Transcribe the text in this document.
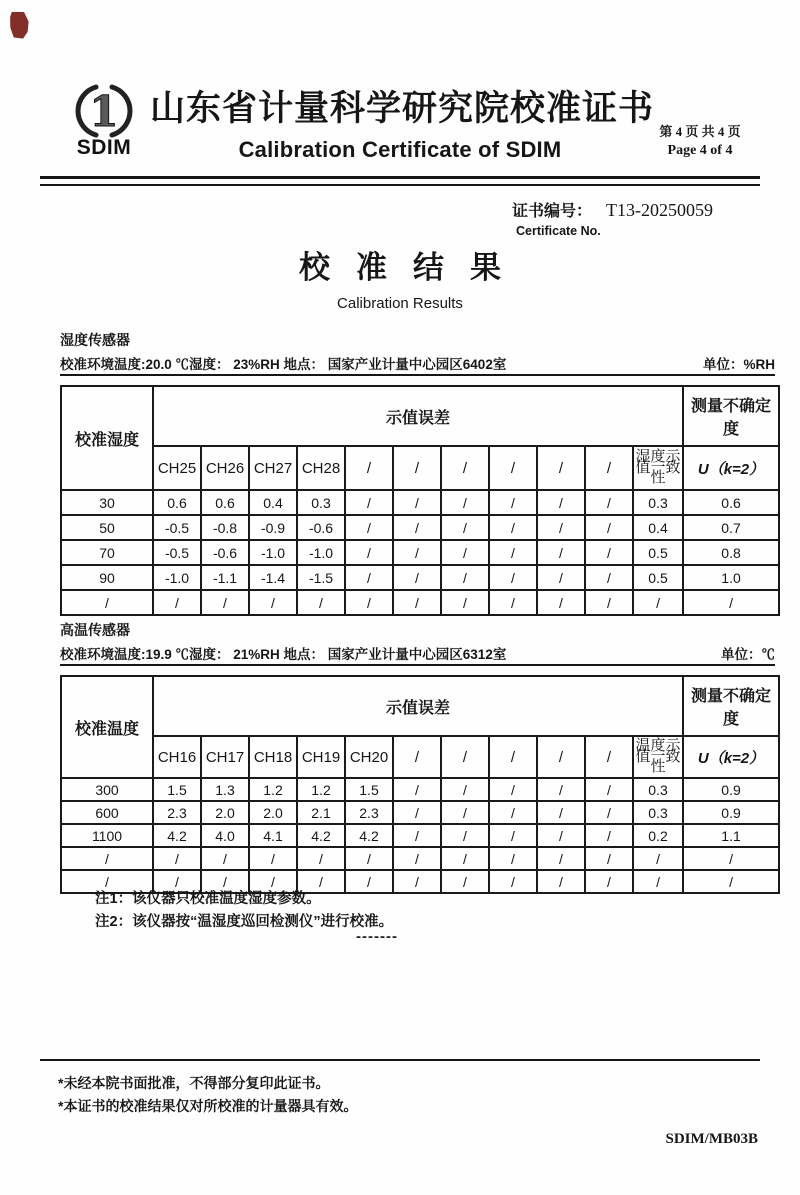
1
SDIM
山东省计量科学研究院校准证书
Calibration Certificate of SDIM
第 4 页 共 4 页
Page 4 of 4
证书编号： T13-20250059
Certificate No.
校准结果
Calibration Results
湿度传感器
校准环境温度:20.0 ℃湿度： 23%RH 地点： 国家产业计量中心园区6402室	单位：%RH
校准湿度	示值误差											测量不确定度
	CH25	CH26	CH27	CH28	/	/	/	/	/	/	湿度示值一致性	U（k=2）
30	0.6	0.6	0.4	0.3	/	/	/	/	/	/	0.3	0.6
50	-0.5	-0.8	-0.9	-0.6	/	/	/	/	/	/	0.4	0.7
70	-0.5	-0.6	-1.0	-1.0	/	/	/	/	/	/	0.5	0.8
90	-1.0	-1.1	-1.4	-1.5	/	/	/	/	/	/	0.5	1.0
/	/	/	/	/	/	/	/	/	/	/	/	/
高温传感器
校准环境温度:19.9 ℃湿度： 21%RH 地点： 国家产业计量中心园区6312室	单位：℃
校准温度	示值误差											测量不确定度
	CH16	CH17	CH18	CH19	CH20	/	/	/	/	/	温度示值一致性	U（k=2）
300	1.5	1.3	1.2	1.2	1.5	/	/	/	/	/	0.3	0.9
600	2.3	2.0	2.0	2.1	2.3	/	/	/	/	/	0.3	0.9
1100	4.2	4.0	4.1	4.2	4.2	/	/	/	/	/	0.2	1.1
/	/	/	/	/	/	/	/	/	/	/	/	/
/	/	/	/	/	/	/	/	/	/	/	/	/
注1：该仪器只校准温度湿度参数。
注2：该仪器按“温湿度巡回检测仪”进行校准。
-------
*未经本院书面批准，不得部分复印此证书。
*本证书的校准结果仅对所校准的计量器具有效。
SDIM/MB03B
